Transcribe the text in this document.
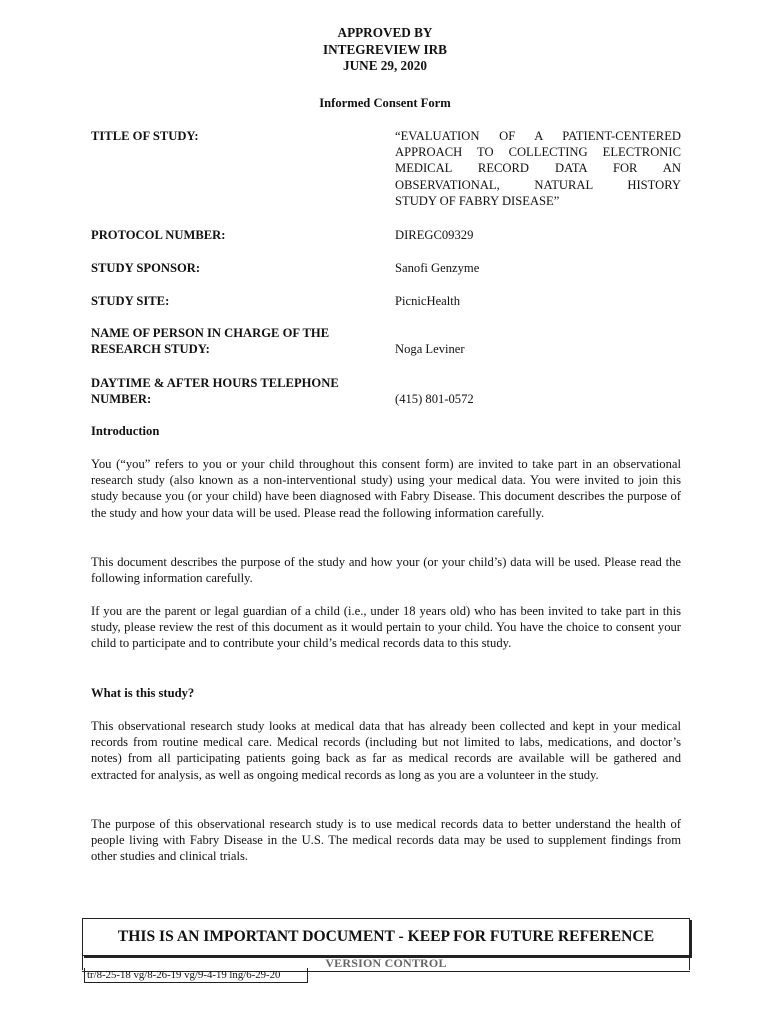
APPROVED BY
INTEGREVIEW IRB
JUNE 29, 2020
Informed Consent Form
TITLE OF STUDY:	“EVALUATION OF A PATIENT-CENTERED
APPROACH TO COLLECTING ELECTRONIC
MEDICAL RECORD DATA FOR AN
OBSERVATIONAL, NATURAL HISTORY
STUDY OF FABRY DISEASE”
PROTOCOL NUMBER:	DIREGC09329
STUDY SPONSOR:	Sanofi Genzyme
STUDY SITE:	PicnicHealth
NAME OF PERSON IN CHARGE OF THE
RESEARCH STUDY:	Noga Leviner
DAYTIME & AFTER HOURS TELEPHONE
NUMBER:	(415) 801-0572
Introduction
You (“you” refers to you or your child throughout this consent form) are invited to take part in an observational research study (also known as a non-interventional study) using your medical data. You were invited to join this study because you (or your child) have been diagnosed with Fabry Disease. This document describes the purpose of the study and how your data will be used. Please read the following information carefully.
This document describes the purpose of the study and how your (or your child’s) data will be used. Please read the following information carefully.
If you are the parent or legal guardian of a child (i.e., under 18 years old) who has been invited to take part in this study, please review the rest of this document as it would pertain to your child. You have the choice to consent your child to participate and to contribute your child’s medical records data to this study.
What is this study?
This observational research study looks at medical data that has already been collected and kept in your medical records from routine medical care. Medical records (including but not limited to labs, medications, and doctor’s notes) from all participating patients going back as far as medical records are available will be gathered and extracted for analysis, as well as ongoing medical records as long as you are a volunteer in the study.
The purpose of this observational research study is to use medical records data to better understand the health of people living with Fabry Disease in the U.S. The medical records data may be used to supplement findings from other studies and clinical trials.
THIS IS AN IMPORTANT DOCUMENT - KEEP FOR FUTURE REFERENCE
VERSION CONTROL
tr/8-25-18 vg/8-26-19 vg/9-4-19 lng/6-29-20
